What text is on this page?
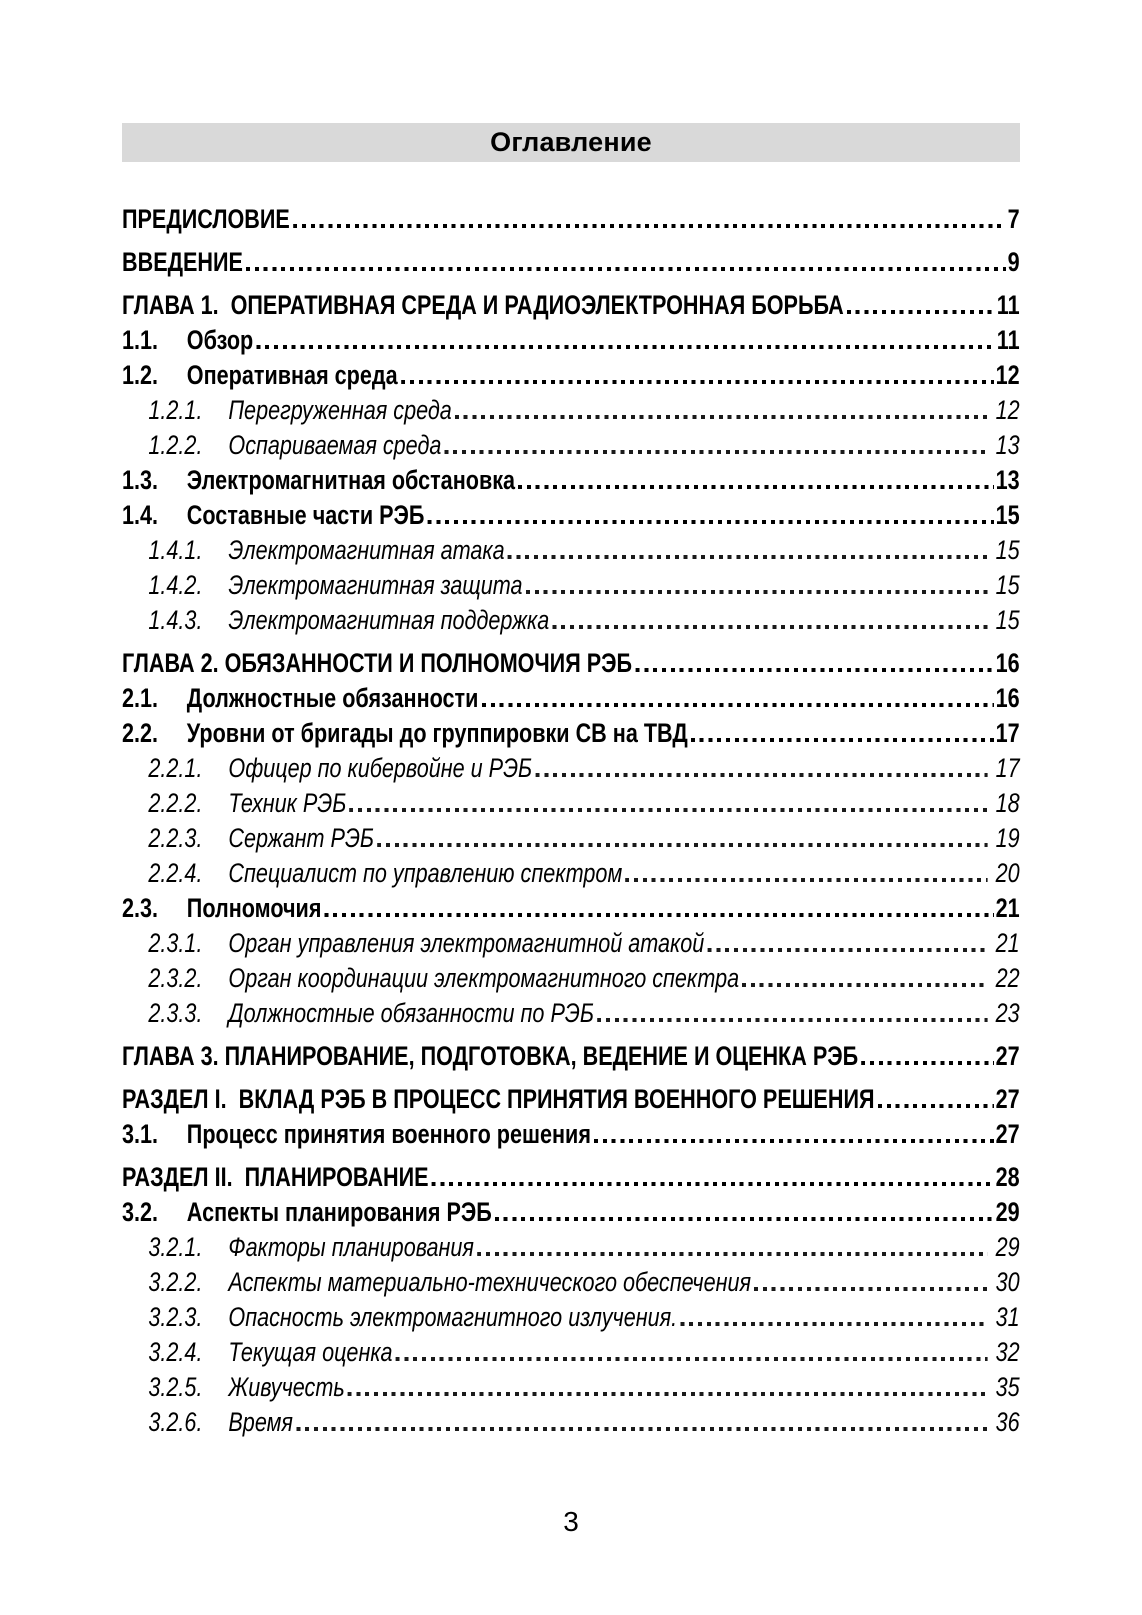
Оглавление
ПРЕДИСЛОВИЕ	7
ВВЕДЕНИЕ	9
ГЛАВА 1.  ОПЕРАТИВНАЯ СРЕДА И РАДИОЭЛЕКТРОННАЯ БОРЬБА	11
1.1.	Обзор	11
1.2.	Оперативная среда	12
1.2.1. Перегруженная среда	12
1.2.2. Оспариваемая среда	13
1.3.	Электромагнитная обстановка	13
1.4.	Составные части РЭБ	15
1.4.1. Электромагнитная атака	15
1.4.2. Электромагнитная защита	15
1.4.3. Электромагнитная поддержка	15
ГЛАВА 2. ОБЯЗАННОСТИ И ПОЛНОМОЧИЯ РЭБ	16
2.1.	Должностные обязанности	16
2.2.	Уровни от бригады до группировки СВ на ТВД	17
2.2.1. Офицер по кибервойне и РЭБ	17
2.2.2. Техник РЭБ	18
2.2.3. Сержант РЭБ	19
2.2.4. Специалист по управлению спектром	20
2.3.	Полномочия	21
2.3.1. Орган управления электромагнитной атакой	21
2.3.2. Орган координации электромагнитного спектра	22
2.3.3. Должностные обязанности по РЭБ	23
ГЛАВА 3. ПЛАНИРОВАНИЕ, ПОДГОТОВКА, ВЕДЕНИЕ И ОЦЕНКА РЭБ	27
РАЗДЕЛ I.  ВКЛАД РЭБ В ПРОЦЕСС ПРИНЯТИЯ ВОЕННОГО РЕШЕНИЯ	27
3.1.	Процесс принятия военного решения	27
РАЗДЕЛ II.  ПЛАНИРОВАНИЕ	28
3.2.	Аспекты планирования РЭБ	29
3.2.1. Факторы планирования	29
3.2.2. Аспекты материально-технического обеспечения	30
3.2.3. Опасность электромагнитного излучения.	31
3.2.4. Текущая оценка	32
3.2.5. Живучесть	35
3.2.6. Время	36
3
